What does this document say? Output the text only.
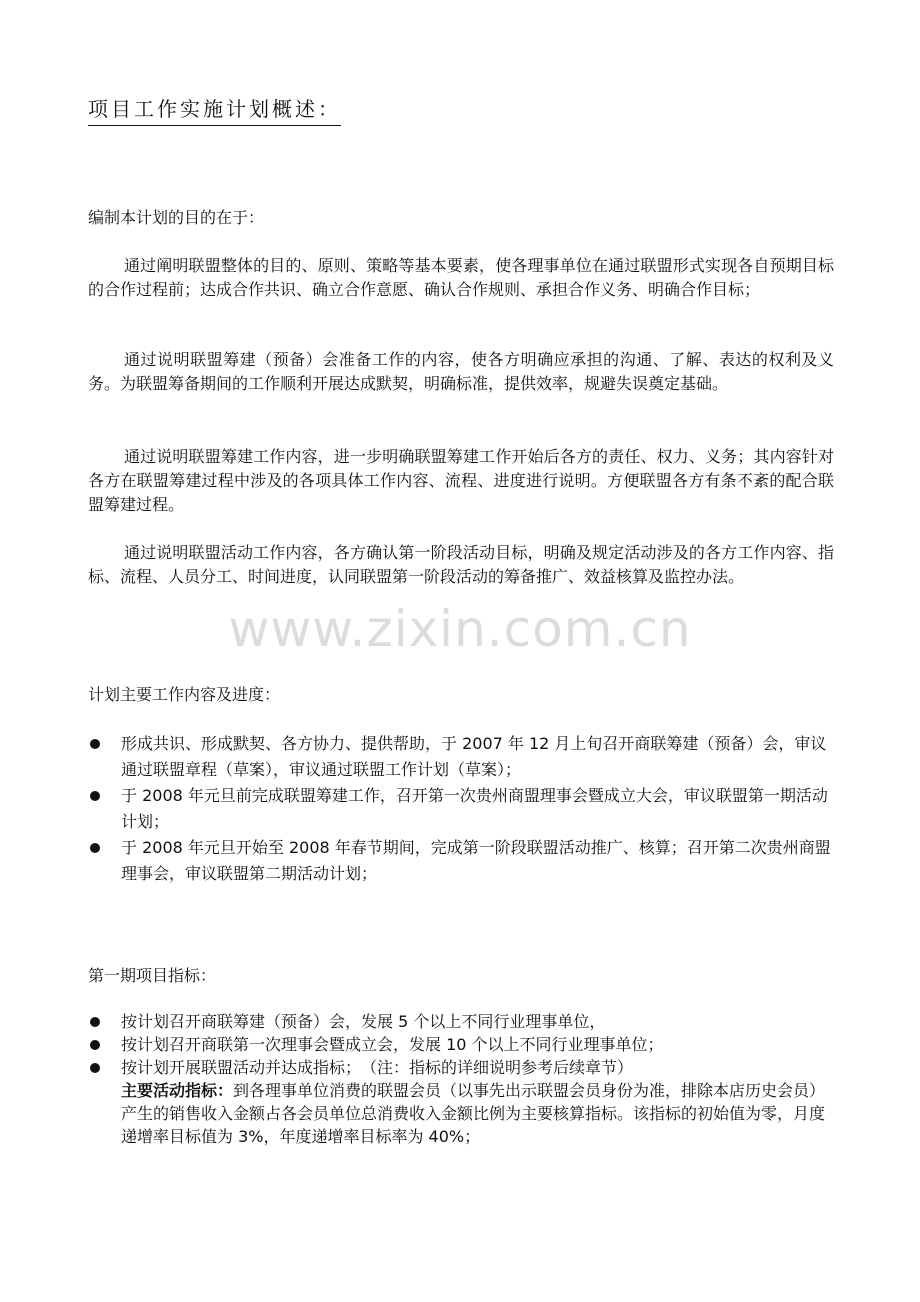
项目工作实施计划概述：
编制本计划的目的在于：

通过阐明联盟整体的目的、原则、策略等基本要素，使各理事单位在通过联盟形式实现各自预期目标的合作过程前；达成合作共识、确立合作意愿、确认合作规则、承担合作义务、明确合作目标；

通过说明联盟筹建（预备）会准备工作的内容，使各方明确应承担的沟通、了解、表达的权利及义务。为联盟筹备期间的工作顺利开展达成默契，明确标准，提供效率，规避失误奠定基础。

通过说明联盟筹建工作内容，进一步明确联盟筹建工作开始后各方的责任、权力、义务；其内容针对各方在联盟筹建过程中涉及的各项具体工作内容、流程、进度进行说明。方便联盟各方有条不紊的配合联盟筹建过程。

通过说明联盟活动工作内容，各方确认第一阶段活动目标，明确及规定活动涉及的各方工作内容、指标、流程、人员分工、时间进度，认同联盟第一阶段活动的筹备推广、效益核算及监控办法。

www.zixin.com.cn
计划主要工作内容及进度：
形成共识、形成默契、各方协力、提供帮助，于 2007 年 12 月上旬召开商联筹建（预备）会，审议通过联盟章程（草案），审议通过联盟工作计划（草案）；
于 2008 年元旦前完成联盟筹建工作，召开第一次贵州商盟理事会暨成立大会，审议联盟第一期活动计划；
于 2008 年元旦开始至 2008 年春节期间，完成第一阶段联盟活动推广、核算；召开第二次贵州商盟理事会，审议联盟第二期活动计划；
第一期项目指标：
按计划召开商联筹建（预备）会，发展 5 个以上不同行业理事单位，
按计划召开商联第一次理事会暨成立会，发展 10 个以上不同行业理事单位；
按计划开展联盟活动并达成指标；　（注：指标的详细说明参考后续章节）
主要活动指标：到各理事单位消费的联盟会员（以事先出示联盟会员身份为准，排除本店历史会员）产生的销售收入金额占各会员单位总消费收入金额比例为主要核算指标。该指标的初始值为零，月度递增率目标值为 3%，年度递增率目标率为 40%；
